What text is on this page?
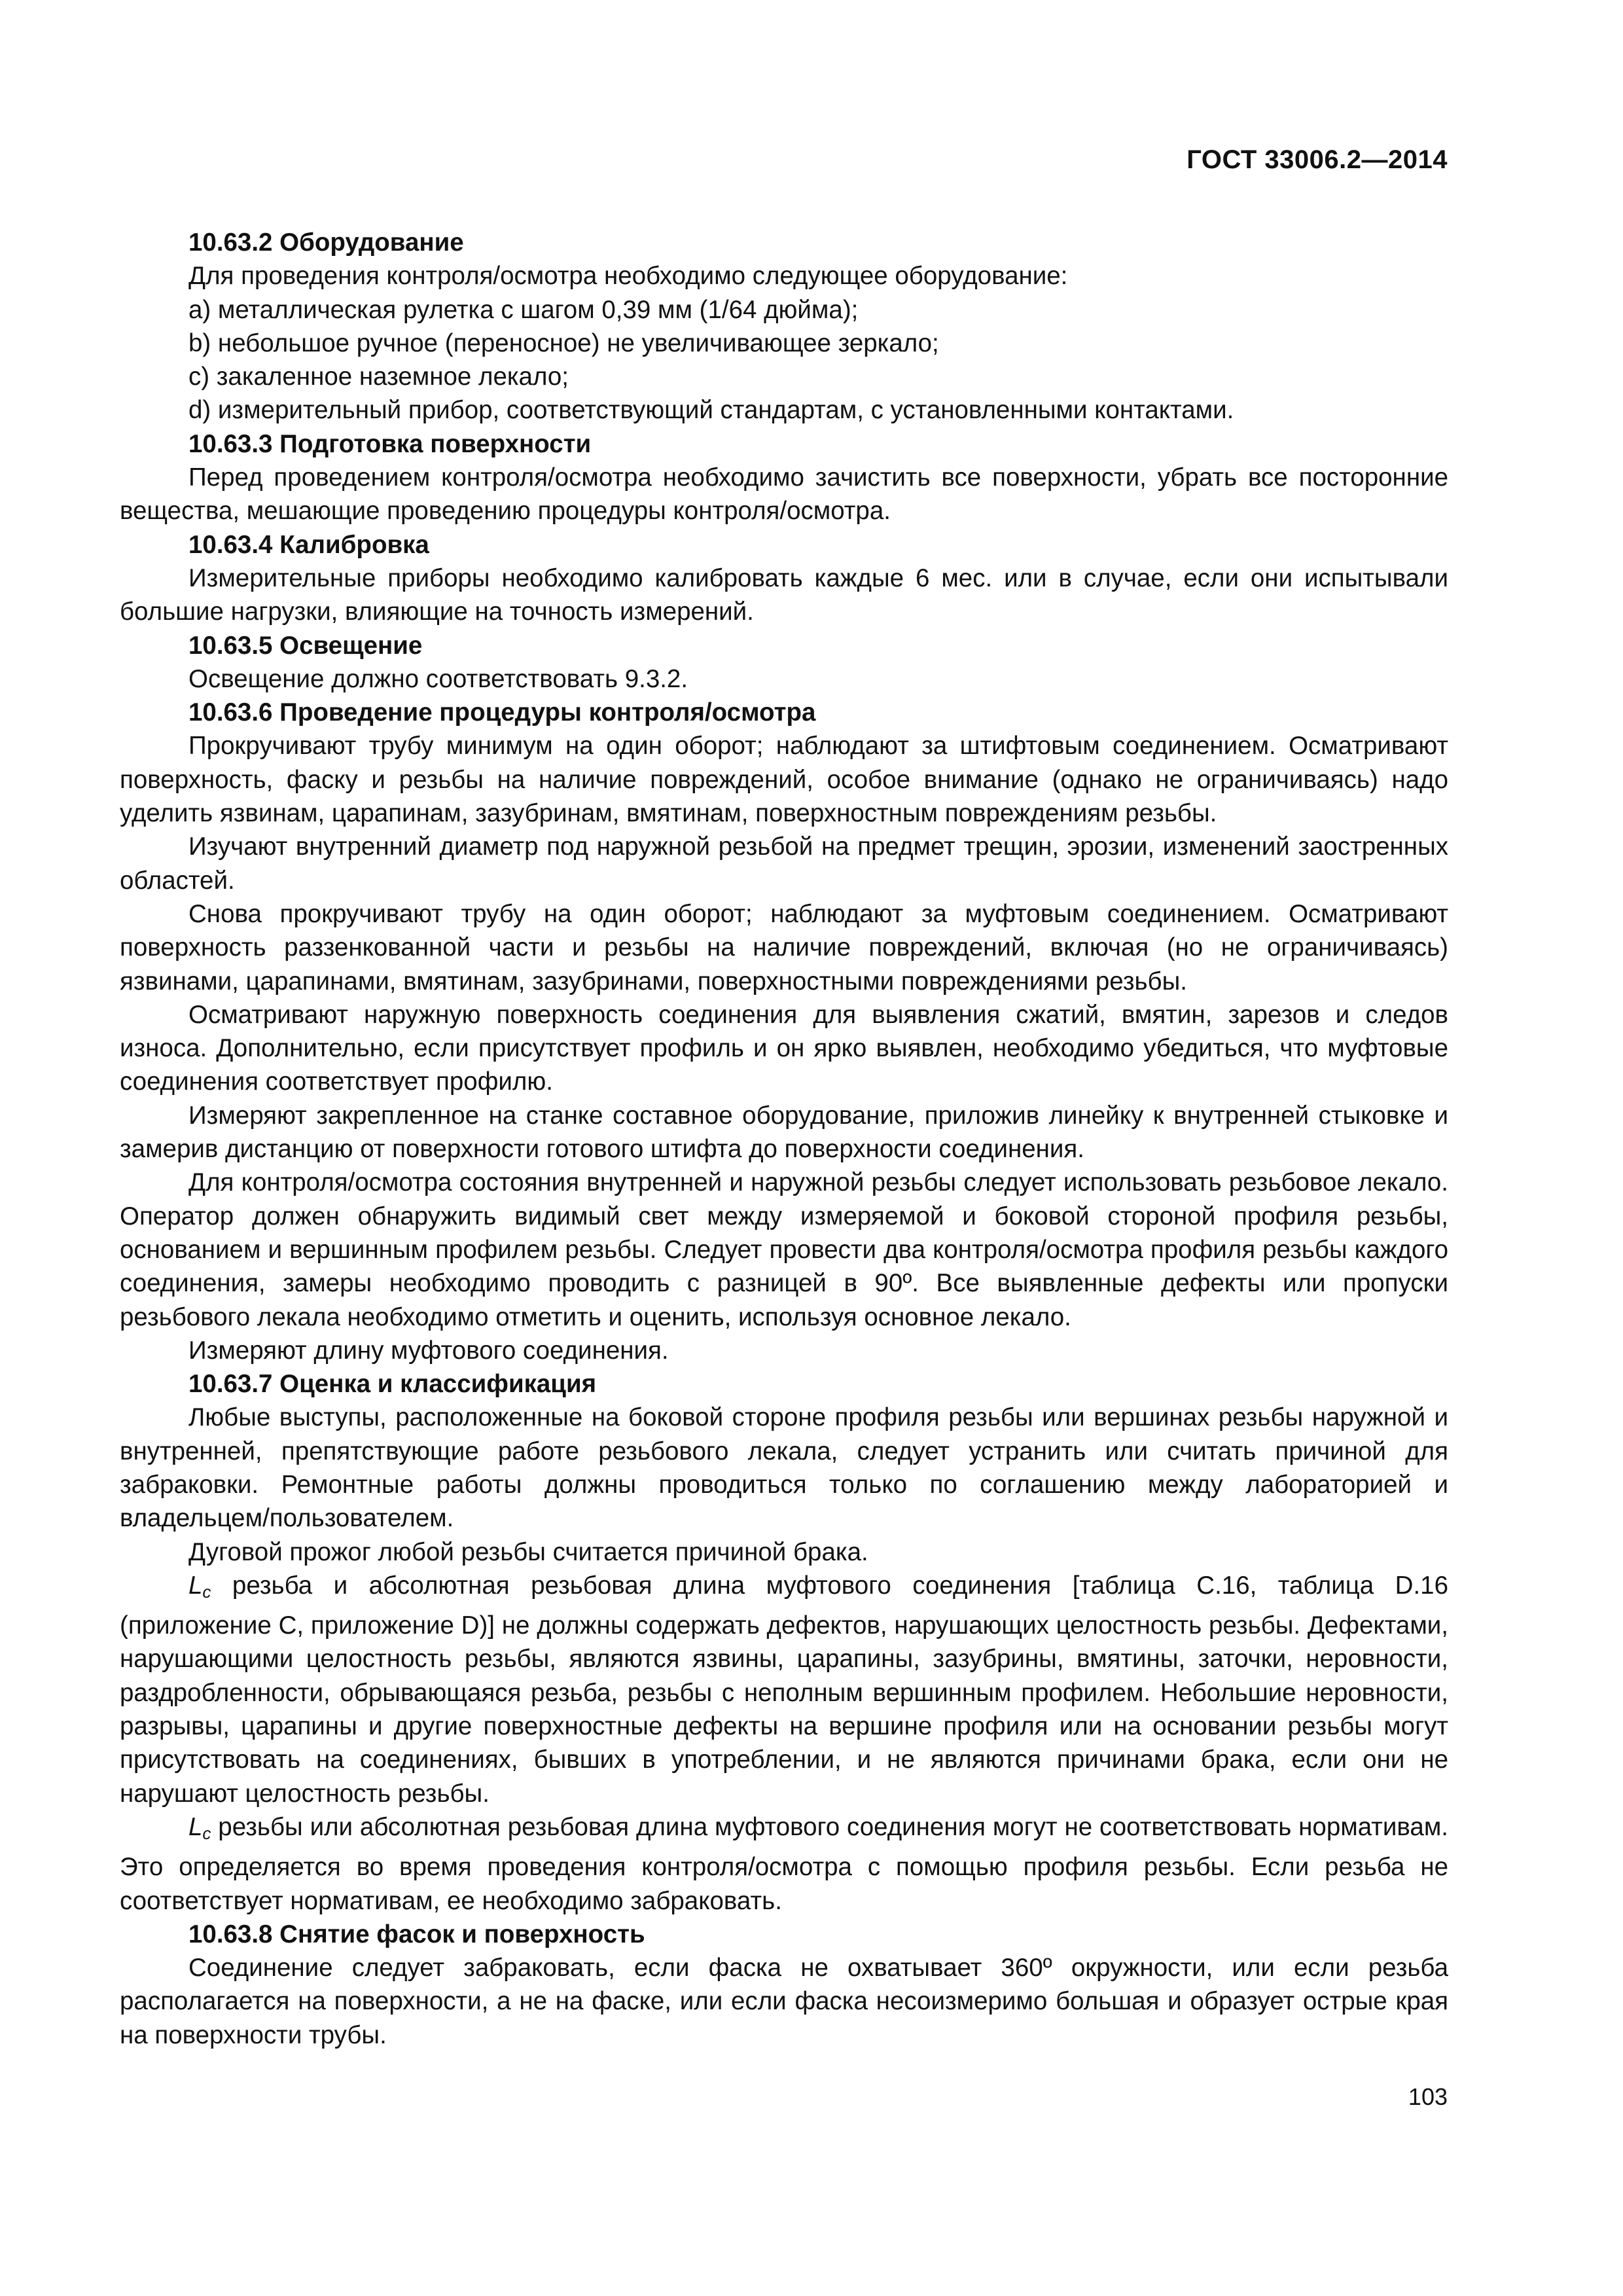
ГОСТ 33006.2—2014

10.63.2 Оборудование

Для проведения контроля/осмотра необходимо следующее оборудование:

a) металлическая рулетка с шагом 0,39 мм (1/64 дюйма);

b) небольшое ручное (переносное) не увеличивающее зеркало;

c) закаленное наземное лекало;

d) измерительный прибор, соответствующий стандартам, с установленными контактами.

10.63.3 Подготовка поверхности

Перед проведением контроля/осмотра необходимо зачистить все поверхности, убрать все посторонние вещества, мешающие проведению процедуры контроля/осмотра.

10.63.4 Калибровка

Измерительные приборы необходимо калибровать каждые 6 мес. или в случае, если они испытывали большие нагрузки, влияющие на точность измерений.

10.63.5 Освещение

Освещение должно соответствовать 9.3.2.

10.63.6 Проведение процедуры контроля/осмотра

Прокручивают трубу минимум на один оборот; наблюдают за штифтовым соединением. Осматривают поверхность, фаску и резьбы на наличие повреждений, особое внимание (однако не ограничиваясь) надо уделить язвинам, царапинам, зазубринам, вмятинам, поверхностным повреждениям резьбы.

Изучают внутренний диаметр под наружной резьбой на предмет трещин, эрозии, изменений заостренных областей.

Снова прокручивают трубу на один оборот; наблюдают за муфтовым соединением. Осматривают поверхность раззенкованной части и резьбы на наличие повреждений, включая (но не ограничиваясь) язвинами, царапинами, вмятинам, зазубринами, поверхностными повреждениями резьбы.

Осматривают наружную поверхность соединения для выявления сжатий, вмятин, зарезов и следов износа. Дополнительно, если присутствует профиль и он ярко выявлен, необходимо убедиться, что муфтовые соединения соответствует профилю.

Измеряют закрепленное на станке составное оборудование, приложив линейку к внутренней стыковке и замерив дистанцию от поверхности готового штифта до поверхности соединения.

Для контроля/осмотра состояния внутренней и наружной резьбы следует использовать резьбовое лекало. Оператор должен обнаружить видимый свет между измеряемой и боковой стороной профиля резьбы, основанием и вершинным профилем резьбы. Следует провести два контроля/осмотра профиля резьбы каждого соединения, замеры необходимо проводить с разницей в 90º. Все выявленные дефекты или пропуски резьбового лекала необходимо отметить и оценить, используя основное лекало.

Измеряют длину муфтового соединения.

10.63.7 Оценка и классификация

Любые выступы, расположенные на боковой стороне профиля резьбы или вершинах резьбы наружной и внутренней, препятствующие работе резьбового лекала, следует устранить или считать причиной для забраковки. Ремонтные работы должны проводиться только по соглашению между лабораторией и владельцем/пользователем.

Дуговой прожог любой резьбы считается причиной брака.

$L_c$ резьба и абсолютная резьбовая длина муфтового соединения [таблица С.16, таблица D.16 (приложение С, приложение D)] не должны содержать дефектов, нарушающих целостность резьбы. Дефектами, нарушающими целостность резьбы, являются язвины, царапины, зазубрины, вмятины, заточки, неровности, раздробленности, обрывающаяся резьба, резьбы с неполным вершинным профилем. Небольшие неровности, разрывы, царапины и другие поверхностные дефекты на вершине профиля или на основании резьбы могут присутствовать на соединениях, бывших в употреблении, и не являются причинами брака, если они не нарушают целостность резьбы.

$L_c$ резьбы или абсолютная резьбовая длина муфтового соединения могут не соответствовать нормативам. Это определяется во время проведения контроля/осмотра с помощью профиля резьбы. Если резьба не соответствует нормативам, ее необходимо забраковать.

10.63.8 Снятие фасок и поверхность

Соединение следует забраковать, если фаска не охватывает 360º окружности, или если резьба располагается на поверхности, а не на фаске, или если фаска несоизмеримо большая и образует острые края на поверхности трубы.

103
